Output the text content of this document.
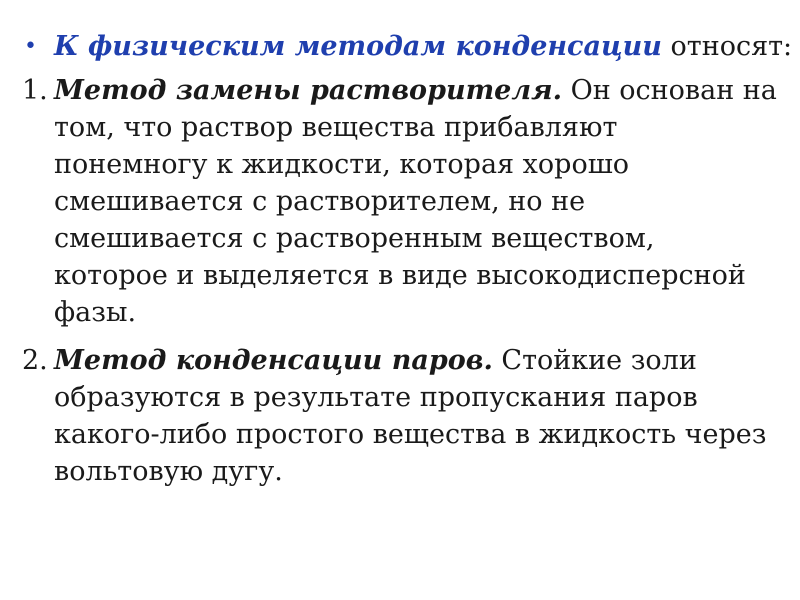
• К физическим методам конденсации относят:
1. Метод замены растворителя. Он основан на
том, что раствор вещества прибавляют
понемногу к жидкости, которая хорошо
смешивается с растворителем, но не
смешивается с растворенным веществом,
которое и выделяется в виде высокодисперсной
фазы.
2. Метод конденсации паров. Стойкие золи
образуются в результате пропускания паров
какого-либо простого вещества в жидкость через
вольтовую дугу.
